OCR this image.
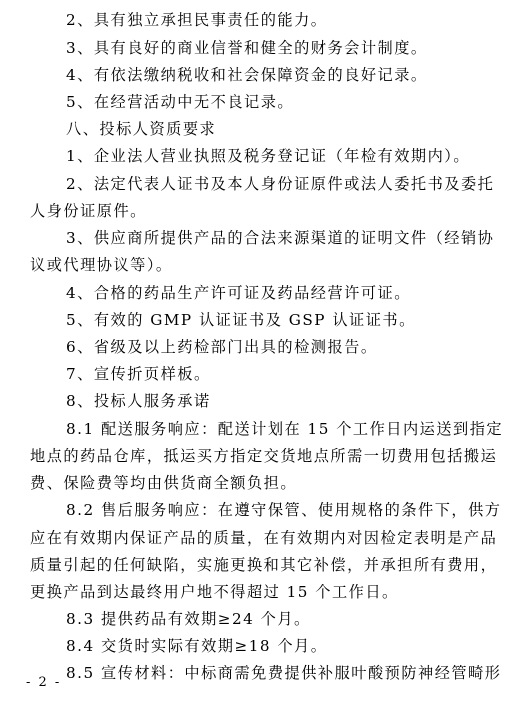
2、具有独立承担民事责任的能力。
3、具有良好的商业信誉和健全的财务会计制度。
4、有依法缴纳税收和社会保障资金的良好记录。
5、在经营活动中无不良记录。
八、投标人资质要求
1、企业法人营业执照及税务登记证（年检有效期内）。
2、法定代表人证书及本人身份证原件或法人委托书及委托
人身份证原件。
3、供应商所提供产品的合法来源渠道的证明文件（经销协
议或代理协议等）。
4、合格的药品生产许可证及药品经营许可证。
5、有效的 GMP 认证证书及 GSP 认证证书。
6、省级及以上药检部门出具的检测报告。
7、宣传折页样板。
8、投标人服务承诺
8.1 配送服务响应：配送计划在 15 个工作日内运送到指定
地点的药品仓库，抵运买方指定交货地点所需一切费用包括搬运
费、保险费等均由供货商全额负担。
8.2 售后服务响应：在遵守保管、使用规格的条件下，供方
应在有效期内保证产品的质量，在有效期内对因检定表明是产品
质量引起的任何缺陷，实施更换和其它补偿，并承担所有费用，
更换产品到达最终用户地不得超过 15 个工作日。
8.3 提供药品有效期≥24 个月。
8.4 交货时实际有效期≥18 个月。
8.5 宣传材料：中标商需免费提供补服叶酸预防神经管畸形
- 2 -
